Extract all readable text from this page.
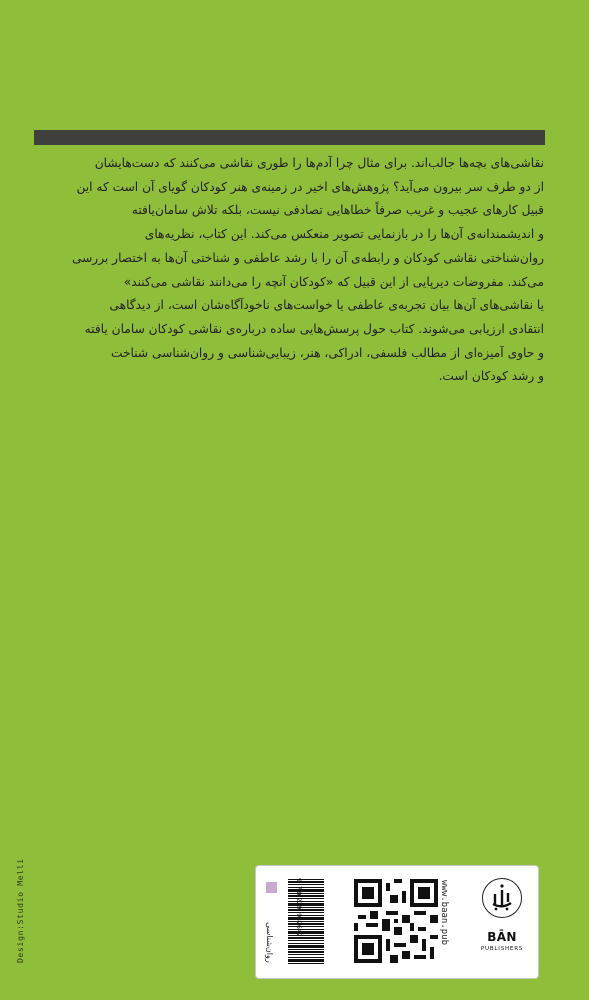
نقاشی‌های بچه‌ها جالب‌اند. برای مثال چرا آدم‌ها را طوری نقاشی می‌کنند که دست‌هایشان
از دو طرف سر بیرون می‌آید؟ پژوهش‌های اخیر در زمینه‌ی هنر کودکان گویای آن است که این
قبیل کارهای عجیب و غریب صرفاً خطاهایی تصادفی نیست، بلکه تلاش سامان‌یافته
و اندیشمندانه‌ی آن‌ها را در بازنمایی تصویر منعکس می‌کند. این کتاب، نظریه‌های
روان‌شناختی نقاشی کودکان و رابطه‌ی آن را با رشد عاطفی و شناختی آن‌ها به اختصار بررسی
می‌کند. مفروضات دیرپایی از این قبیل که «کودکان آنچه را می‌دانند نقاشی می‌کنند»
یا نقاشی‌های آن‌ها بیان تجربه‌ی عاطفی یا خواست‌های ناخودآگاه‌شان است، از دیدگاهی
انتقادی ارزیابی می‌شوند. کتاب حول پرسش‌هایی ساده درباره‌ی نقاشی کودکان سامان یافته
و حاوی آمیزه‌ای از مطالب فلسفی، ادراکی، هنر، زیبایی‌شناسی و روان‌شناسی شناخت
و رشد کودکان است.
Design:Studio Melli	روان‌شناسی
9 786229 942642	www.baan.pub	BĀN
PUBLISHERS
